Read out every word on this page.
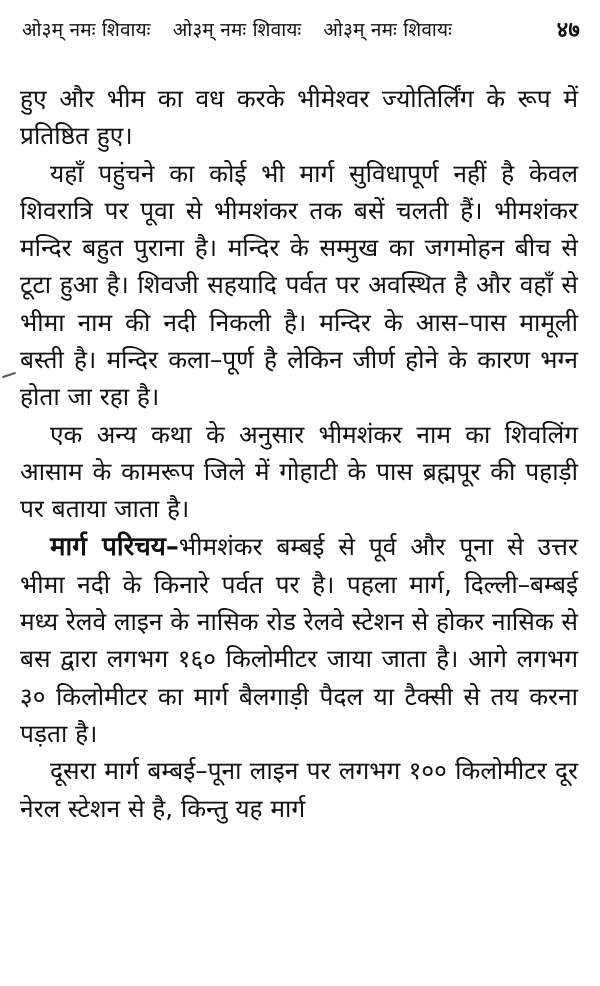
ओ३म् नमः शिवायः ओ३म् नमः शिवायः ओ३म् नमः शिवायः	४७

हुए और भीम का वध करके भीमेश्वर ज्योतिर्लिंग के रूप में प्रतिष्ठित हुए।

यहाँ पहुंचने का कोई भी मार्ग सुविधापूर्ण नहीं है केवल शिवरात्रि पर पूवा से भीमशंकर तक बसें चलती हैं। भीमशंकर मन्दिर बहुत पुराना है। मन्दिर के सम्मुख का जगमोहन बीच से टूटा हुआ है। शिवजी सहयादि पर्वत पर अवस्थित है और वहाँ से भीमा नाम की नदी निकली है। मन्दिर के आस–पास मामूली बस्ती है। मन्दिर कला–पूर्ण है लेकिन जीर्ण होने के कारण भग्न होता जा रहा है।

एक अन्य कथा के अनुसार भीमशंकर नाम का शिवलिंग आसाम के कामरूप जिले में गोहाटी के पास ब्रह्मपूर की पहाड़ी पर बताया जाता है।

मार्ग परिचय–भीमशंकर बम्बई से पूर्व और पूना से उत्तर भीमा नदी के किनारे पर्वत पर है। पहला मार्ग, दिल्ली–बम्बई मध्य रेलवे लाइन के नासिक रोड रेलवे स्टेशन से होकर नासिक से बस द्वारा लगभग १६० किलोमीटर जाया जाता है। आगे लगभग ३० किलोमीटर का मार्ग बैलगाड़ी पैदल या टैक्सी से तय करना पड़ता है।

दूसरा मार्ग बम्बई–पूना लाइन पर लगभग १०० किलोमीटर दूर नेरल स्टेशन से है, किन्तु यह मार्ग
